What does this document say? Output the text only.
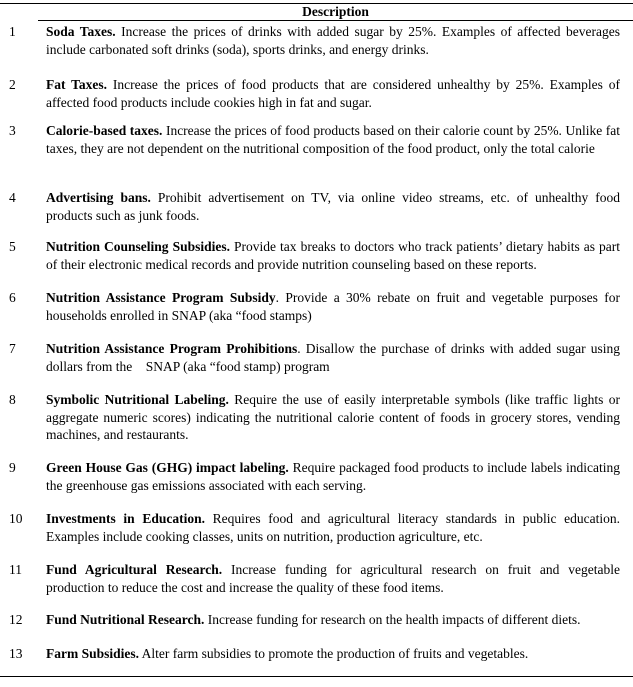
Description
1 Soda Taxes. Increase the prices of drinks with added sugar by 25%. Examples of affected beverages include carbonated soft drinks (soda), sports drinks, and energy drinks.
2 Fat Taxes. Increase the prices of food products that are considered unhealthy by 25%. Examples of affected food products include cookies high in fat and sugar.
3 Calorie-based taxes. Increase the prices of food products based on their calorie count by 25%. Unlike fat taxes, they are not dependent on the nutritional composition of the food product, only the total calorie
4 Advertising bans. Prohibit advertisement on TV, via online video streams, etc. of unhealthy food products such as junk foods.
5 Nutrition Counseling Subsidies. Provide tax breaks to doctors who track patients’ dietary habits as part of their electronic medical records and provide nutrition counseling based on these reports.
6 Nutrition Assistance Program Subsidy. Provide a 30% rebate on fruit and vegetable purposes for households enrolled in SNAP (aka “food stamps)
7 Nutrition Assistance Program Prohibitions. Disallow the purchase of drinks with added sugar using dollars from the    SNAP (aka “food stamp) program
8 Symbolic Nutritional Labeling. Require the use of easily interpretable symbols (like traffic lights or aggregate numeric scores) indicating the nutritional calorie content of foods in grocery stores, vending machines, and restaurants.
9 Green House Gas (GHG) impact labeling. Require packaged food products to include labels indicating the greenhouse gas emissions associated with each serving.
10 Investments in Education. Requires food and agricultural literacy standards in public education. Examples include cooking classes, units on nutrition, production agriculture, etc.
11 Fund Agricultural Research. Increase funding for agricultural research on fruit and vegetable production to reduce the cost and increase the quality of these food items.
12 Fund Nutritional Research. Increase funding for research on the health impacts of different diets.
13 Farm Subsidies. Alter farm subsidies to promote the production of fruits and vegetables.
